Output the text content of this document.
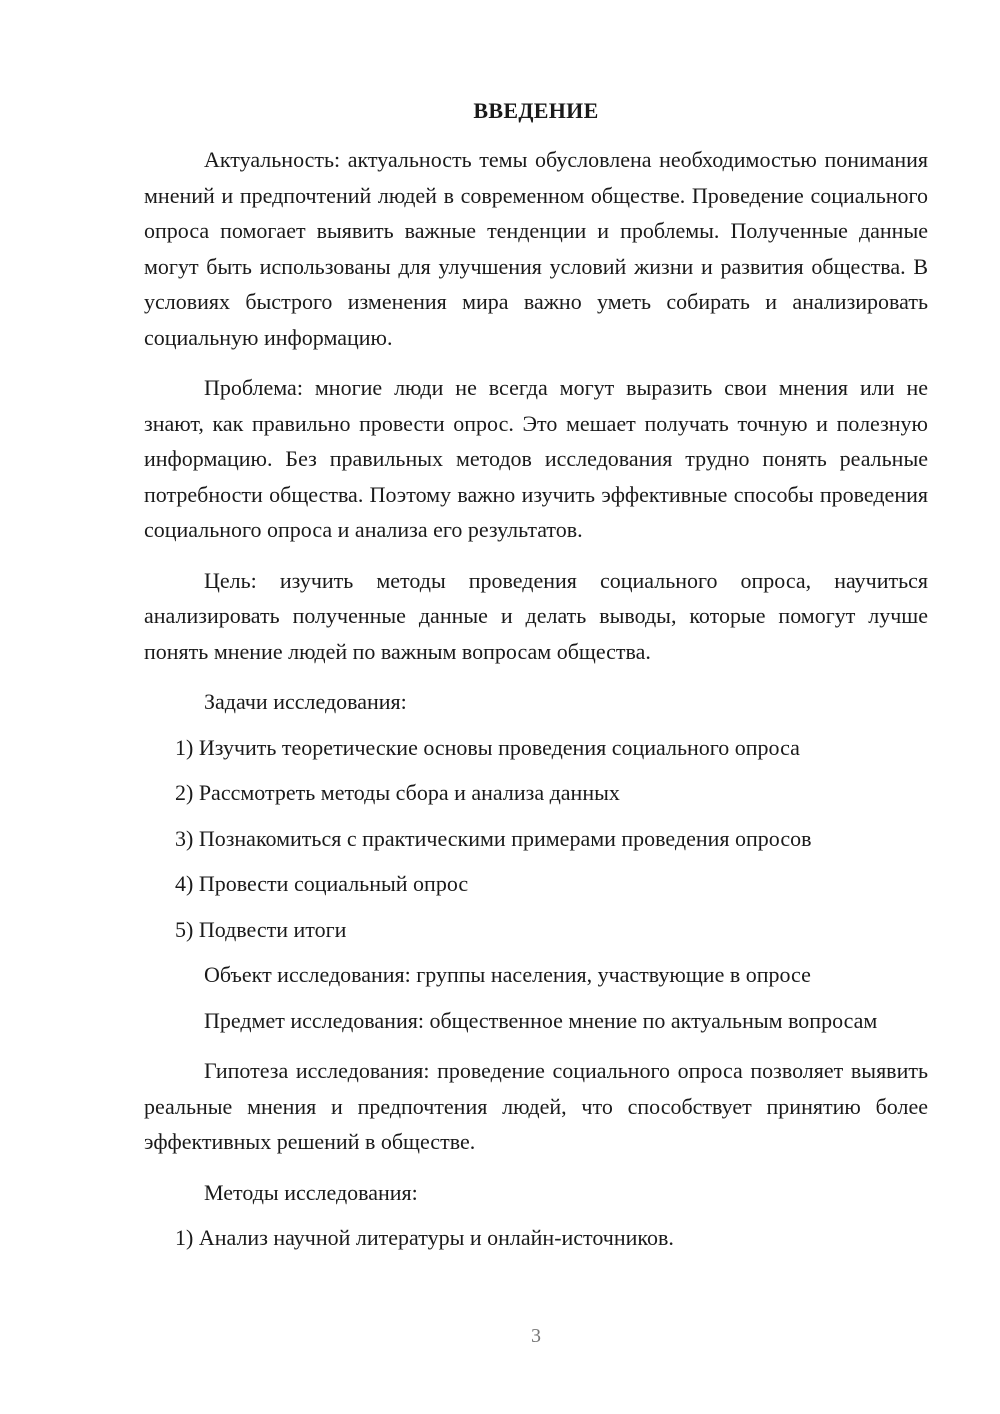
ВВЕДЕНИЕ

Актуальность: актуальность темы обусловлена необходимостью понимания мнений и предпочтений людей в современном обществе. Проведение социального опроса помогает выявить важные тенденции и проблемы. Полученные данные могут быть использованы для улучшения условий жизни и развития общества. В условиях быстрого изменения мира важно уметь собирать и анализировать социальную информацию.

Проблема: многие люди не всегда могут выразить свои мнения или не знают, как правильно провести опрос. Это мешает получать точную и полезную информацию. Без правильных методов исследования трудно понять реальные потребности общества. Поэтому важно изучить эффективные способы проведения социального опроса и анализа его результатов.

Цель: изучить методы проведения социального опроса, научиться анализировать полученные данные и делать выводы, которые помогут лучше понять мнение людей по важным вопросам общества.

Задачи исследования:
1) Изучить теоретические основы проведения социального опроса
2) Рассмотреть методы сбора и анализа данных
3) Познакомиться с практическими примерами проведения опросов
4) Провести социальный опрос
5) Подвести итоги
Объект исследования: группы населения, участвующие в опросе

Предмет исследования: общественное мнение по актуальным вопросам

Гипотеза исследования: проведение социального опроса позволяет выявить реальные мнения и предпочтения людей, что способствует принятию более эффективных решений в обществе.

Методы исследования:
1) Анализ научной литературы и онлайн-источников.
3
